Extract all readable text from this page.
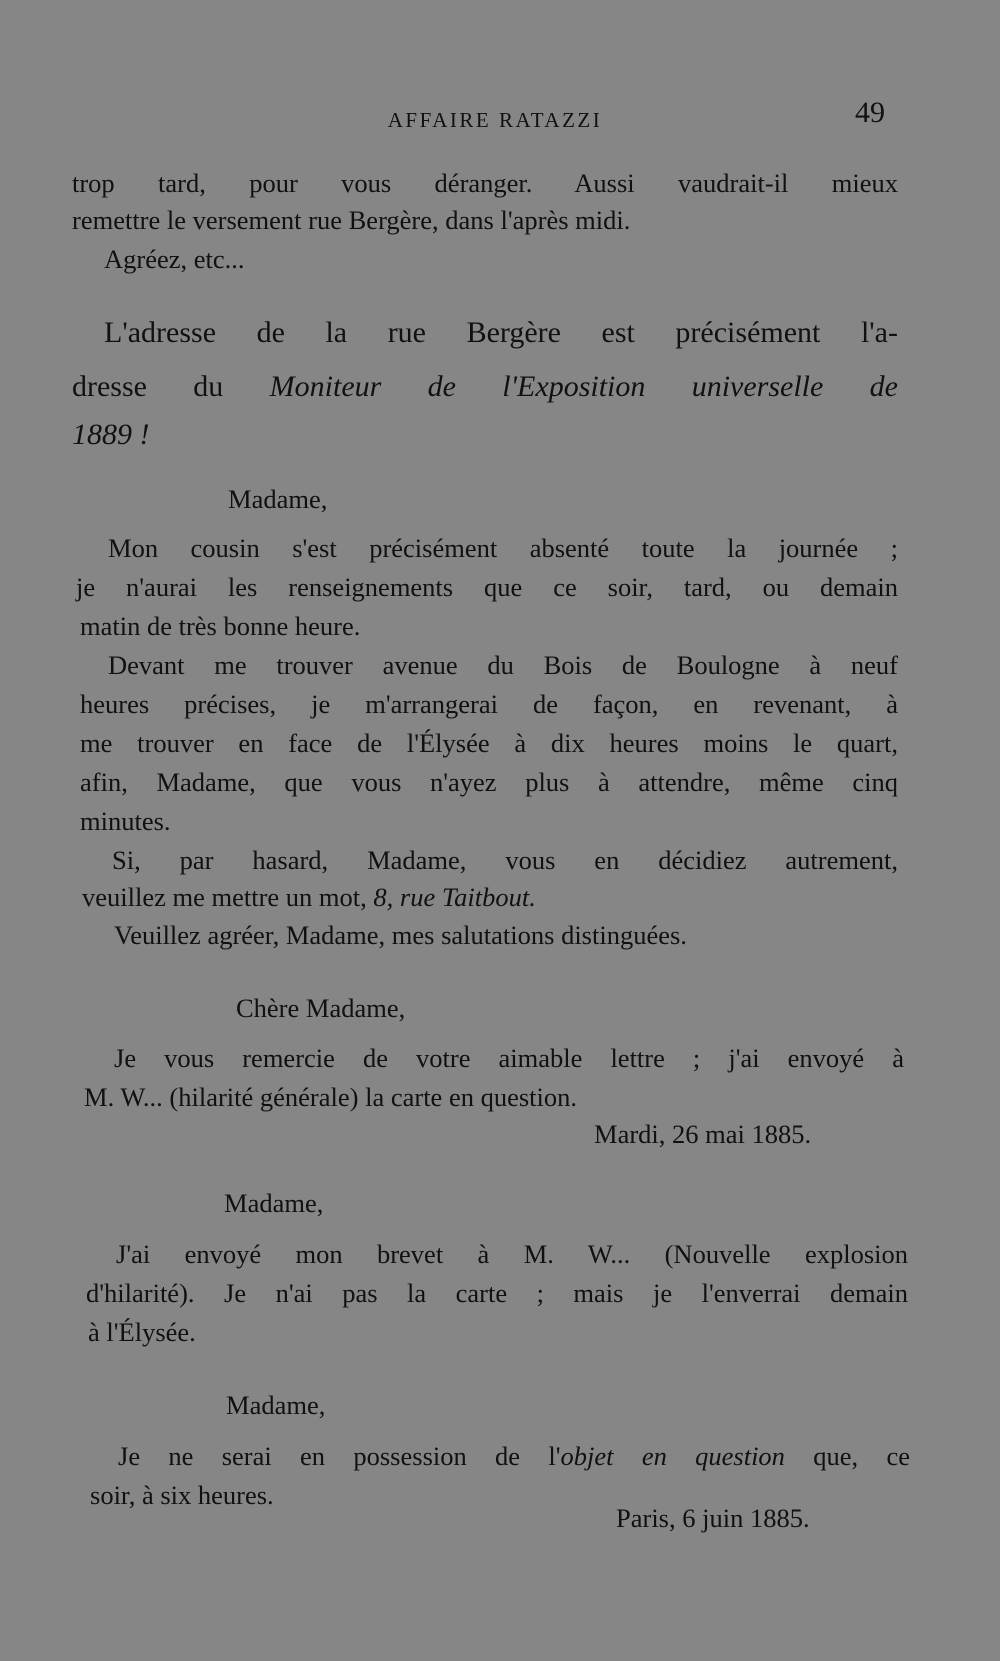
AFFAIRE RATAZZI	49
trop tard, pour vous déranger. Aussi vaudrait-il mieux
remettre le versement rue Bergère, dans l'après midi.
Agréez, etc...
L'adresse de la rue Bergère est précisément l'a-
dresse du Moniteur de l'Exposition universelle de
1889 !
Madame,
Mon cousin s'est précisément absenté toute la journée ;
je n'aurai les renseignements que ce soir, tard, ou demain
matin de très bonne heure.
Devant me trouver avenue du Bois de Boulogne à neuf
heures précises, je m'arrangerai de façon, en revenant, à
me trouver en face de l'Élysée à dix heures moins le quart,
afin, Madame, que vous n'ayez plus à attendre, même cinq
minutes.
Si, par hasard, Madame, vous en décidiez autrement,
veuillez me mettre un mot, 8, rue Taitbout.
Veuillez agréer, Madame, mes salutations distinguées.
Chère Madame,
Je vous remercie de votre aimable lettre ; j'ai envoyé à
M. W... (hilarité générale) la carte en question.
Mardi, 26 mai 1885.
Madame,
J'ai envoyé mon brevet à M. W... (Nouvelle explosion
d'hilarité). Je n'ai pas la carte ; mais je l'enverrai demain
à l'Élysée.
Madame,
Je ne serai en possession de l'objet en question que, ce
soir, à six heures.
Paris, 6 juin 1885.
